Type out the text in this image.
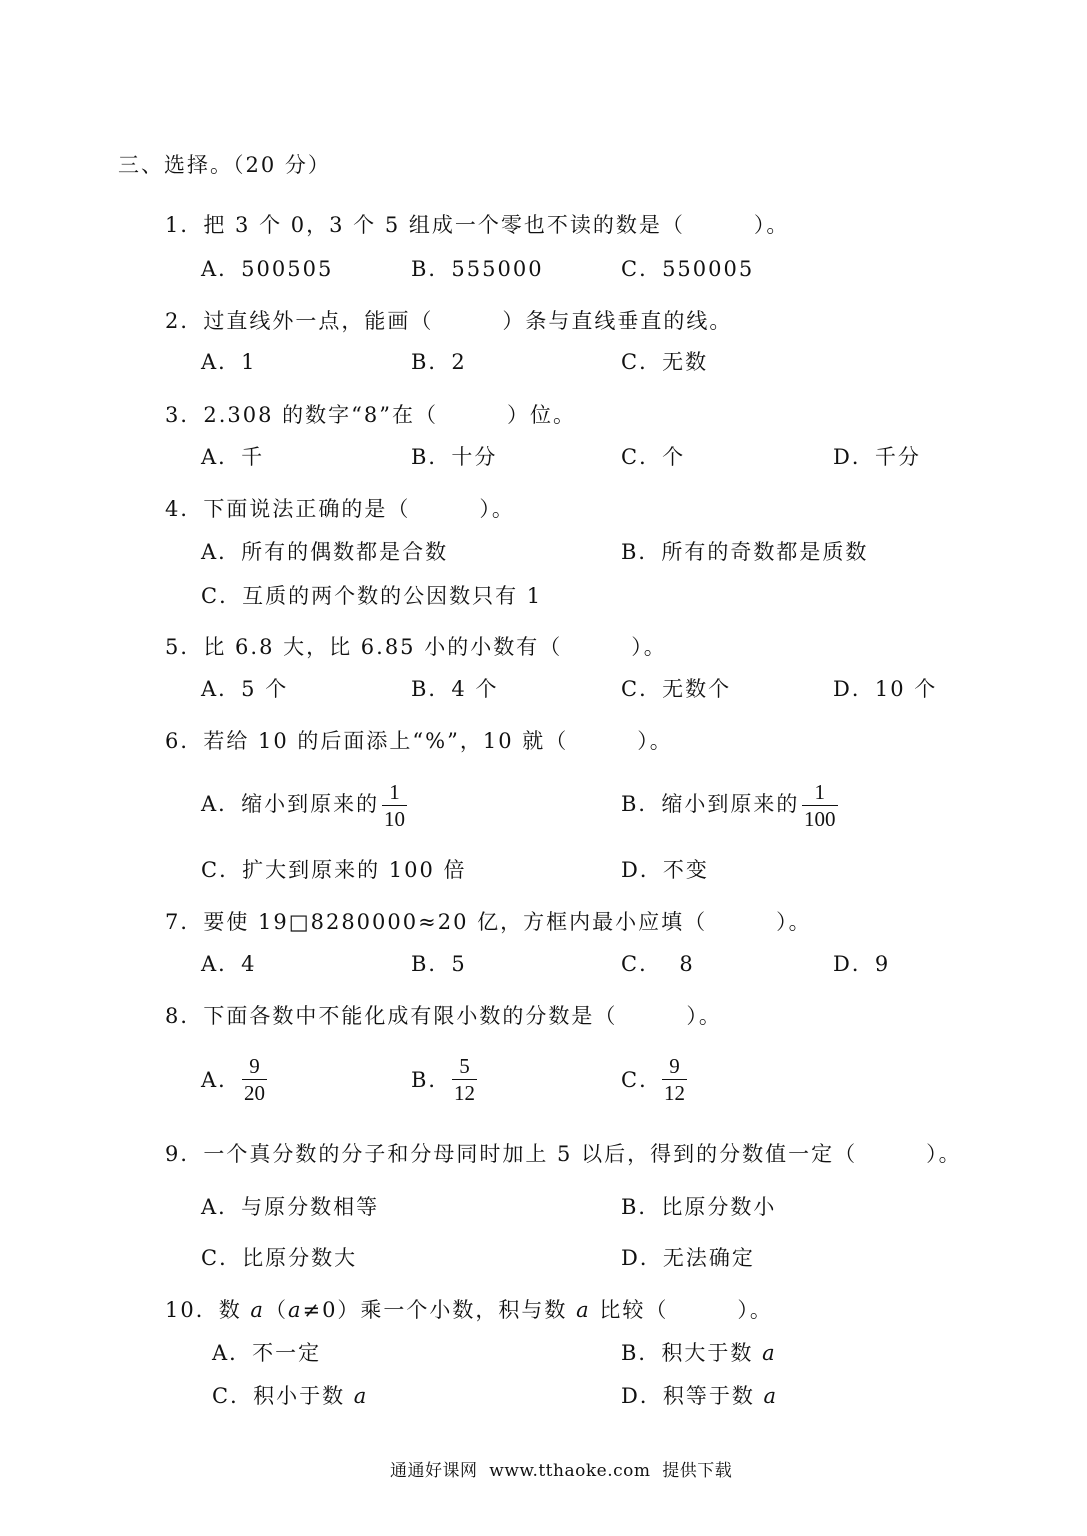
三、选择。（20 分）
1．把 3 个 0，3 个 5 组成一个零也不读的数是（　　　）。
A．500505	B．555000	C．550005
2．过直线外一点，能画（　　　）条与直线垂直的线。
A．1	B．2	C．无数
3．2.308 的数字“8”在（　　　）位。
A．千	B．十分	C．个	D．千分
4．下面说法正确的是（　　　）。
A．所有的偶数都是合数	B．所有的奇数都是质数
C．互质的两个数的公因数只有 1
5．比 6.8 大，比 6.85 小的小数有（　　　）。
A．5 个	B．4 个	C．无数个	D．10 个
6．若给 10 的后面添上“%”，10 就（　　　）。
A．缩小到原来的 $\frac{1}{10}$	B．缩小到原来的 $\frac{1}{100}$
C．扩大到原来的 100 倍	D．不变
7．要使 19□8280000≈20 亿，方框内最小应填（　　　）。
A．4	B．5	C．  8	D．9
8．下面各数中不能化成有限小数的分数是（　　　）。
A． $\frac{9}{20}$	B． $\frac{5}{12}$	C． $\frac{9}{12}$
9．一个真分数的分子和分母同时加上 5 以后，得到的分数值一定（　　　）。
A．与原分数相等	B．比原分数小
C．比原分数大	D．无法确定
10．数 a（a≠0）乘一个小数，积与数 a 比较（　　　）。
A．不一定	B．积大于数 a
C．积小于数 a	D．积等于数 a
通通好课网  www.tthaoke.com  提供下载
